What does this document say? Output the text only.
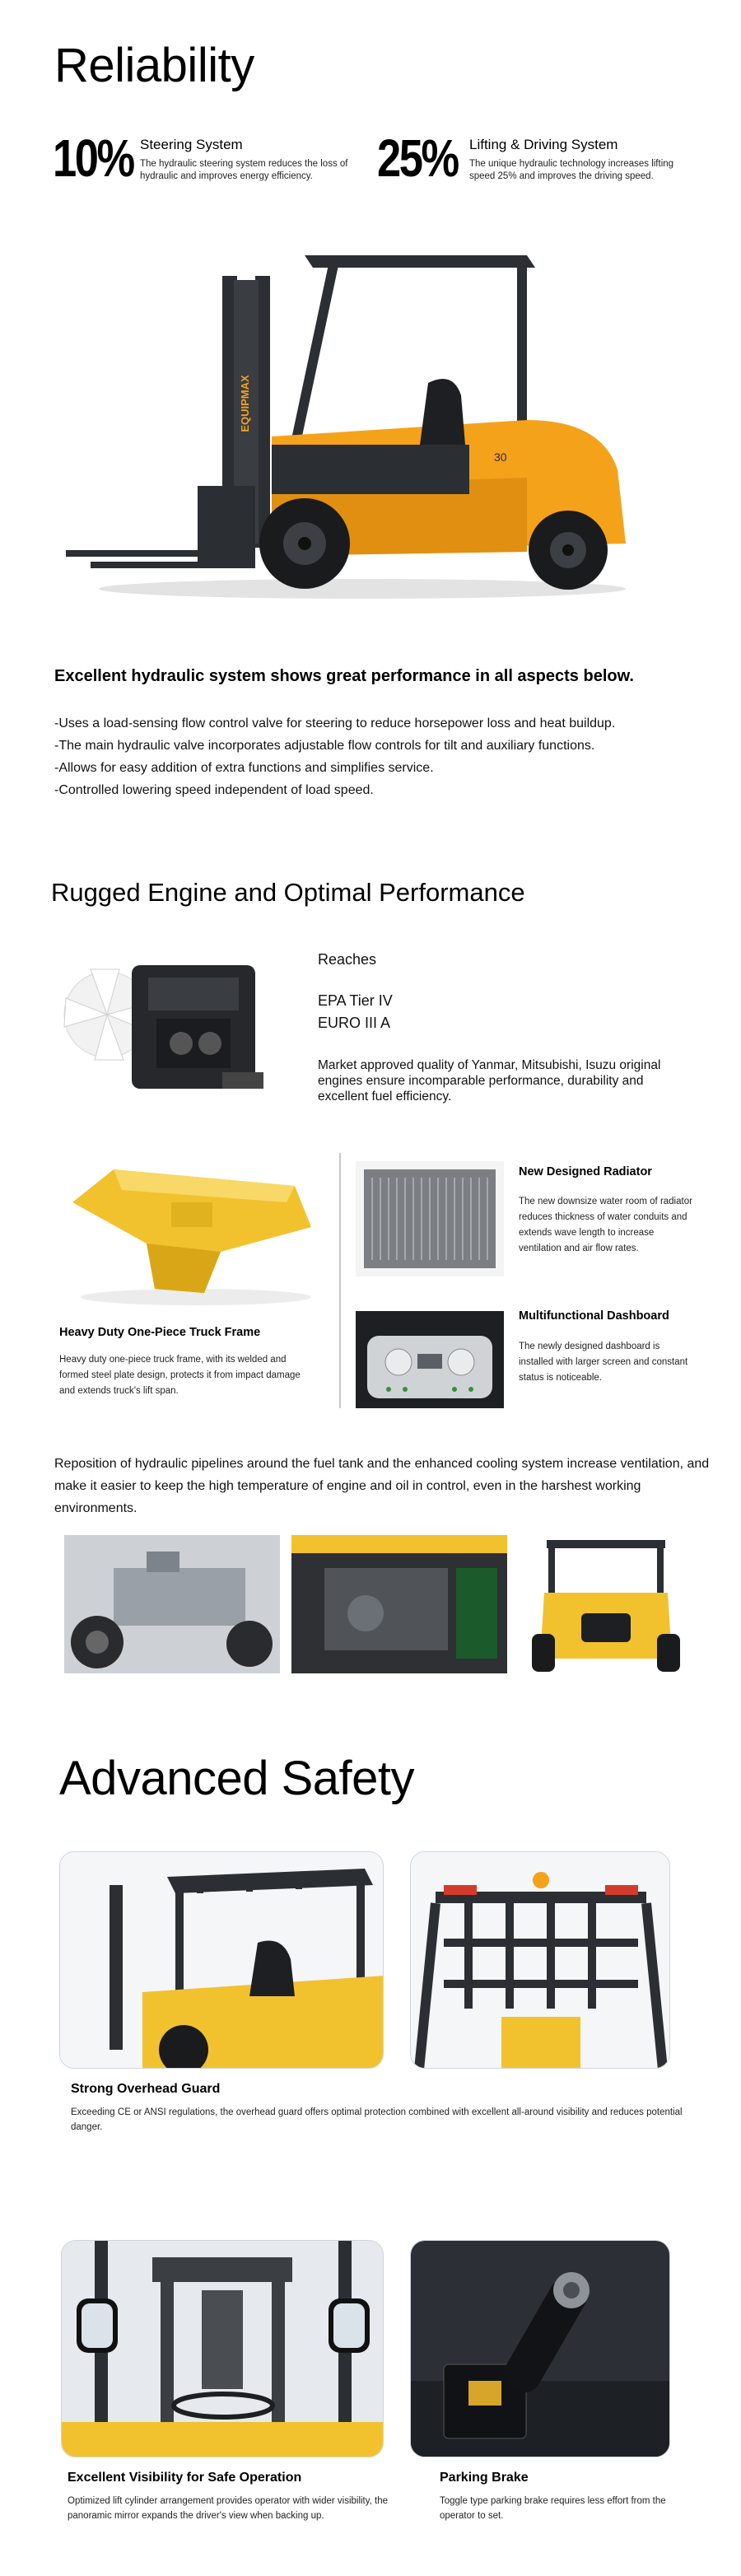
Reliability
10% Steering System
The hydraulic steering system reduces the loss of hydraulic and improves energy efficiency.	25% Lifting & Driving System
The unique hydraulic technology increases lifting speed 25% and improves the driving speed.
EQUIPMAX
30
Excellent hydraulic system shows great performance in all aspects below.
-Uses a load-sensing flow control valve for steering to reduce horsepower loss and heat buildup.
-The main hydraulic valve incorporates adjustable flow controls for tilt and auxiliary functions.
-Allows for easy addition of extra functions and simplifies service.
-Controlled lowering speed independent of load speed.
Rugged Engine and Optimal Performance
Reaches
EPA Tier IV
EURO III A
Market approved quality of Yanmar, Mitsubishi, Isuzu original engines ensure incomparable performance, durability and excellent fuel efficiency.
Heavy Duty One-Piece Truck Frame
Heavy duty one-piece truck frame, with its welded and formed steel plate design, protects it from impact damage and extends truck's lift span.
New Designed Radiator
The new downsize water room of radiator reduces thickness of water conduits and extends wave length to increase ventilation and air flow rates.
Multifunctional Dashboard
The newly designed dashboard is installed with larger screen and constant status is noticeable.
Reposition of hydraulic pipelines around the fuel tank and the enhanced cooling system increase ventilation, and make it easier to keep the high temperature of engine and oil in control, even in the harshest working environments.
Advanced Safety
Strong Overhead Guard
Exceeding CE or ANSI regulations, the overhead guard offers optimal protection combined with excellent all-around visibility and reduces potential danger.
Excellent Visibility for Safe Operation
Optimized lift cylinder arrangement provides operator with wider visibility, the panoramic mirror expands the driver's view when backing up.
Parking Brake
Toggle type parking brake requires less effort from the operator to set.
